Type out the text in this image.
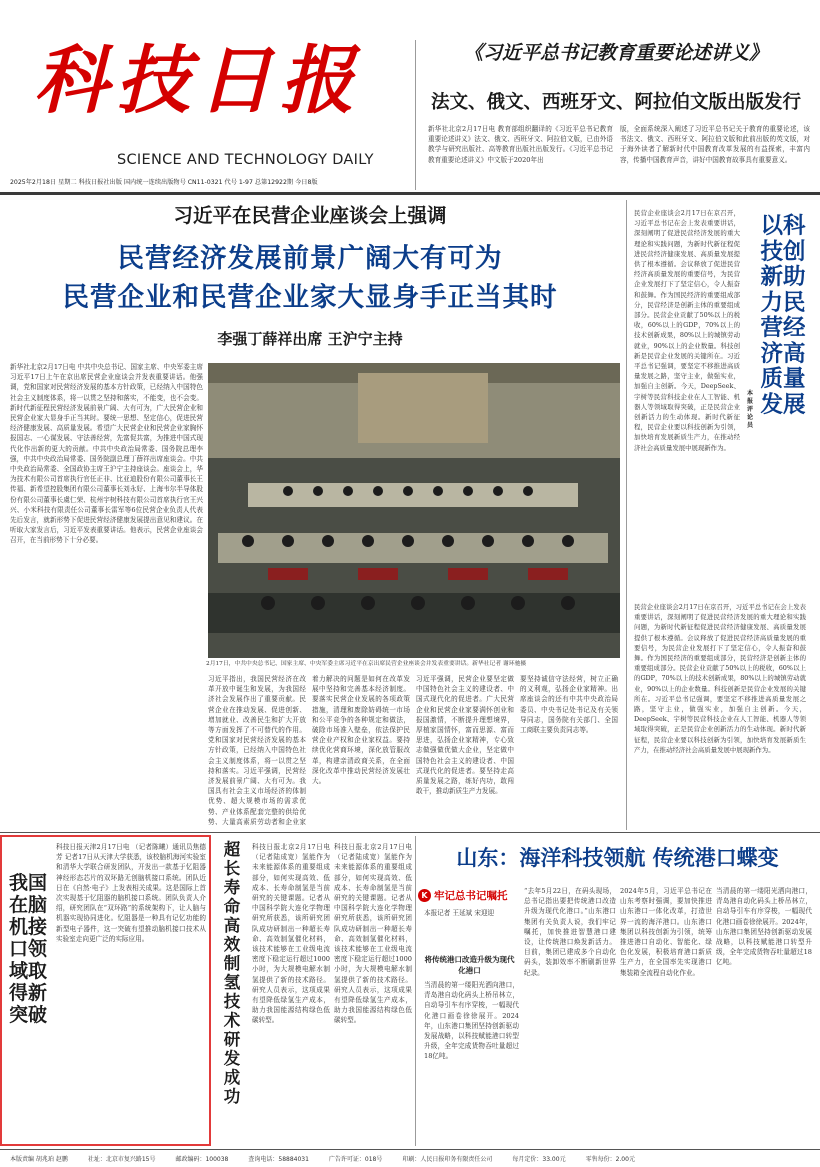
科技日报
SCIENCE AND TECHNOLOGY DAILY
2025年2月18日 星期二 科技日报社出版 国内统一连续出版物号 CN11-0321 代号 1-97 总第12922期 今日8版
《习近平总书记教育重要论述讲义》
法文、俄文、西班牙文、阿拉伯文版出版发行
新华社北京2月17日电 教育部组织翻译的《习近平总书记教育重要论述讲义》法文、俄文、西班牙文、阿拉伯文版，已由外语教学与研究出版社、高等教育出版社出版发行。《习近平总书记教育重要论述讲义》中文版于2020年出
版，全面系统深入阐述了习近平总书记关于教育的重要论述，该书法文、俄文、西班牙文、阿拉伯文版和此前出版的英文版，对于海外读者了解新时代中国教育改革发展的有益探索，丰富内容，传播中国教育声音，讲好中国教育故事具有重要意义。
习近平在民营企业座谈会上强调
民营经济发展前景广阔大有可为
民营企业和民营企业家大显身手正当其时
李强丁薛祥出席 王沪宁主持
新华社北京2月17日电 中共中央总书记、国家主席、中央军委主席习近平17日上午在京出席民营企业座谈会并发表重要讲话。他强调，党和国家对民营经济发展的基本方针政策，已经纳入中国特色社会主义制度体系，将一以贯之坚持和落实，不能变，也不会变。新时代新征程民营经济发展前景广阔、大有可为，广大民营企业和民营企业家大显身手正当其时。要统一思想、坚定信心，促进民营经济健康发展、高质量发展。希望广大民营企业和民营企业家胸怀报国志、一心谋发展、守法善经营，先富促共富，为推进中国式现代化作出新的更大的贡献。中共中央政治局常委、国务院总理李强，中共中央政治局常委、国务院副总理丁薛祥出席座谈会。中共中央政治局常委、全国政协主席王沪宁主持座谈会。座谈会上，华为技术有限公司首席执行官任正非、比亚迪股份有限公司董事长王传福、新希望控股集团有限公司董事长刘永好、上海韦尔半导体股份有限公司董事长虞仁荣、杭州宇树科技有限公司首席执行官王兴兴、小米科技有限责任公司董事长雷军等6位民营企业负责人代表先后发言，就新形势下促进民营经济健康发展提出意见和建议。在听取大家发言后，习近平发表重要讲话。他表示，民营企业座谈会召开，在当前形势下十分必要。
2月17日，中共中央总书记、国家主席、中央军委主席习近平在京出席民营企业座谈会并发表重要讲话。新华社记者 谢环驰摄
习近平指出，我国民营经济在改革开放中诞生和发展，为我国经济社会发展作出了重要贡献。民营企业在推动发展、促进创新、增加就业、改善民生和扩大开放等方面发挥了不可替代的作用。党和国家对民营经济发展的基本方针政策，已经纳入中国特色社会主义制度体系，将一以贯之坚持和落实。习近平强调，民营经济发展前景广阔、大有可为。我国具有社会主义市场经济的体制优势、超大规模市场的需求优势、产业体系配套完整的供给优势、大量高素质劳动者和企业家
着力解决的问题是如何在改革发展中坚持和完善基本经济制度。要落实民营企业发展的各项政策措施，清理和废除妨碍统一市场和公平竞争的各种规定和做法，破除市场准入壁垒，依法保护民营企业产权和企业家权益。要持续优化营商环境，深化放管服改革，构建亲清政商关系，在全面深化改革中推动民营经济发展壮大。
习近平强调，民营企业要坚定做中国特色社会主义的建设者、中国式现代化的促进者。广大民营企业和民营企业家要满怀创业和报国激情，不断提升理想境界，厚植家国情怀，富而思源、富而思进，弘扬企业家精神，专心致志做强做优做大企业，坚定做中国特色社会主义的建设者、中国式现代化的促进者。要坚持走高质量发展之路，练好内功，敢闯敢干，推动新质生产力发展。
要坚持诚信守法经营，树立正确的义利观，弘扬企业家精神。出席座谈会的还有中共中央政治局委员、中央书记处书记及有关领导同志，国务院有关部门、全国工商联主要负责同志等。
以科技创新助力民营经济高质量发展
本报评论员
民营企业座谈会2月17日在京召开，习近平总书记在会上发表重要讲话，深刻阐明了促进民营经济发展的重大理论和实践问题，为新时代新征程促进民营经济健康发展、高质量发展提供了根本遵循。会议释放了促进民营经济高质量发展的重要信号，为民营企业发展打下了坚定信心，令人振奋和鼓舞。作为国民经济的重要组成部分，民营经济是创新主体的重要组成部分。民营企业贡献了50%以上的税收，60%以上的GDP，70%以上的技术创新成果，80%以上的城镇劳动就业，90%以上的企业数量。科技创新是民营企业发展的关键所在。习近平总书记强调，要坚定不移推进高质量发展之路，坚守主业，做强实业，加强自主创新。今天，DeepSeek、宇树等民营科技企业在人工智能、机器人等领域取得突破，正是民营企业创新活力的生动体现。新时代新征程，民营企业要以科技创新为引领，加快培育发展新质生产力，在推动经济社会高质量发展中展现新作为。
民营企业座谈会2月17日在京召开，习近平总书记在会上发表重要讲话，深刻阐明了促进民营经济发展的重大理论和实践问题，为新时代新征程促进民营经济健康发展、高质量发展提供了根本遵循。会议释放了促进民营经济高质量发展的重要信号，为民营企业发展打下了坚定信心，令人振奋和鼓舞。作为国民经济的重要组成部分，民营经济是创新主体的重要组成部分。民营企业贡献了50%以上的税收，60%以上的GDP，70%以上的技术创新成果，80%以上的城镇劳动就业，90%以上的企业数量。科技创新是民营企业发展的关键所在。习近平总书记强调，要坚定不移推进高质量发展之路，坚守主业，做强实业，加强自主创新。今天，DeepSeek、宇树等民营科技企业在人工智能、机器人等领域取得突破，正是民营企业创新活力的生动体现。新时代新征程，民营企业要以科技创新为引领，加快培育发展新质生产力，在推动经济社会高质量发展中展现新作为。
我国在脑机接口领域取得新突破
科技日报天津2月17日电 （记者陈曦）通讯员焦德芳 记者17日从天津大学获悉，该校脑机海河实验室和清华大学联合研发团队，开发出一款基于忆阻器神经形态芯片的双环路无创脑机接口系统。团队近日在《自然·电子》上发表相关成果。这是国际上首次实现基于忆阻器的脑机接口系统。团队负责人介绍，研究团队在“双环路”的系统架构下，让人脑与机器实现协同进化。忆阻器是一种具有记忆功能的新型电子器件，这一突破有望推动脑机接口技术从实验室走向更广泛的实际应用。
超长寿命高效制氢技术研发成功
科技日报北京2月17日电 （记者陆成宽）氢能作为未来能源体系的重要组成部分，如何实现高效、低成本、长寿命制氢是当前研究的关键课题。记者从中国科学院大连化学物理研究所获悉，该所研究团队成功研制出一种超长寿命、高效制氢催化材料，该技术能够在工业级电流密度下稳定运行超过1000小时，为大规模电解水制氢提供了新的技术路径。研究人员表示，这项成果有望降低绿氢生产成本，助力我国能源结构绿色低碳转型。
科技日报北京2月17日电 （记者陆成宽）氢能作为未来能源体系的重要组成部分，如何实现高效、低成本、长寿命制氢是当前研究的关键课题。记者从中国科学院大连化学物理研究所获悉，该所研究团队成功研制出一种超长寿命、高效制氢催化材料，该技术能够在工业级电流密度下稳定运行超过1000小时，为大规模电解水制氢提供了新的技术路径。研究人员表示，这项成果有望降低绿氢生产成本，助力我国能源结构绿色低碳转型。
山东：海洋科技领航 传统港口蝶变
K 牢记总书记嘱托
本报记者 王延斌 宋迎迎
将传统港口改造升级为现代化港口
当清晨的第一缕阳光洒向港口，青岛港自动化码头上桥吊林立，自动导引车有序穿梭，一幅现代化港口画卷徐徐展开。2024年，山东港口集团坚持创新驱动发展战略，以科技赋能港口转型升级，全年完成货物吞吐量超过18亿吨。
“去年5月22日，在码头现场，总书记指出要把传统港口改造升级为现代化港口。”山东港口集团有关负责人说，我们牢记嘱托，加快推进智慧港口建设，让传统港口焕发新活力。目前，集团已建成多个自动化码头，装卸效率不断刷新世界纪录。
2024年5月，习近平总书记在山东考察时强调，要加快推进山东港口一体化改革，打造世界一流的海洋港口。山东港口集团以科技创新为引领，统筹推进港口自动化、智能化、绿色化发展，积极培育港口新质生产力，在全国率先实现港口集装箱全流程自动化作业。
当清晨的第一缕阳光洒向港口，青岛港自动化码头上桥吊林立，自动导引车有序穿梭，一幅现代化港口画卷徐徐展开。2024年，山东港口集团坚持创新驱动发展战略，以科技赋能港口转型升级，全年完成货物吞吐量超过18亿吨。
本版责编 胡兆珀 赵鹏	社址：北京市复兴路15号	邮政编码：100038	查询电话：58884031	广告许可证：018号	印刷：人民日报印务有限责任公司	每月定价：33.00元	零售每份：2.00元
